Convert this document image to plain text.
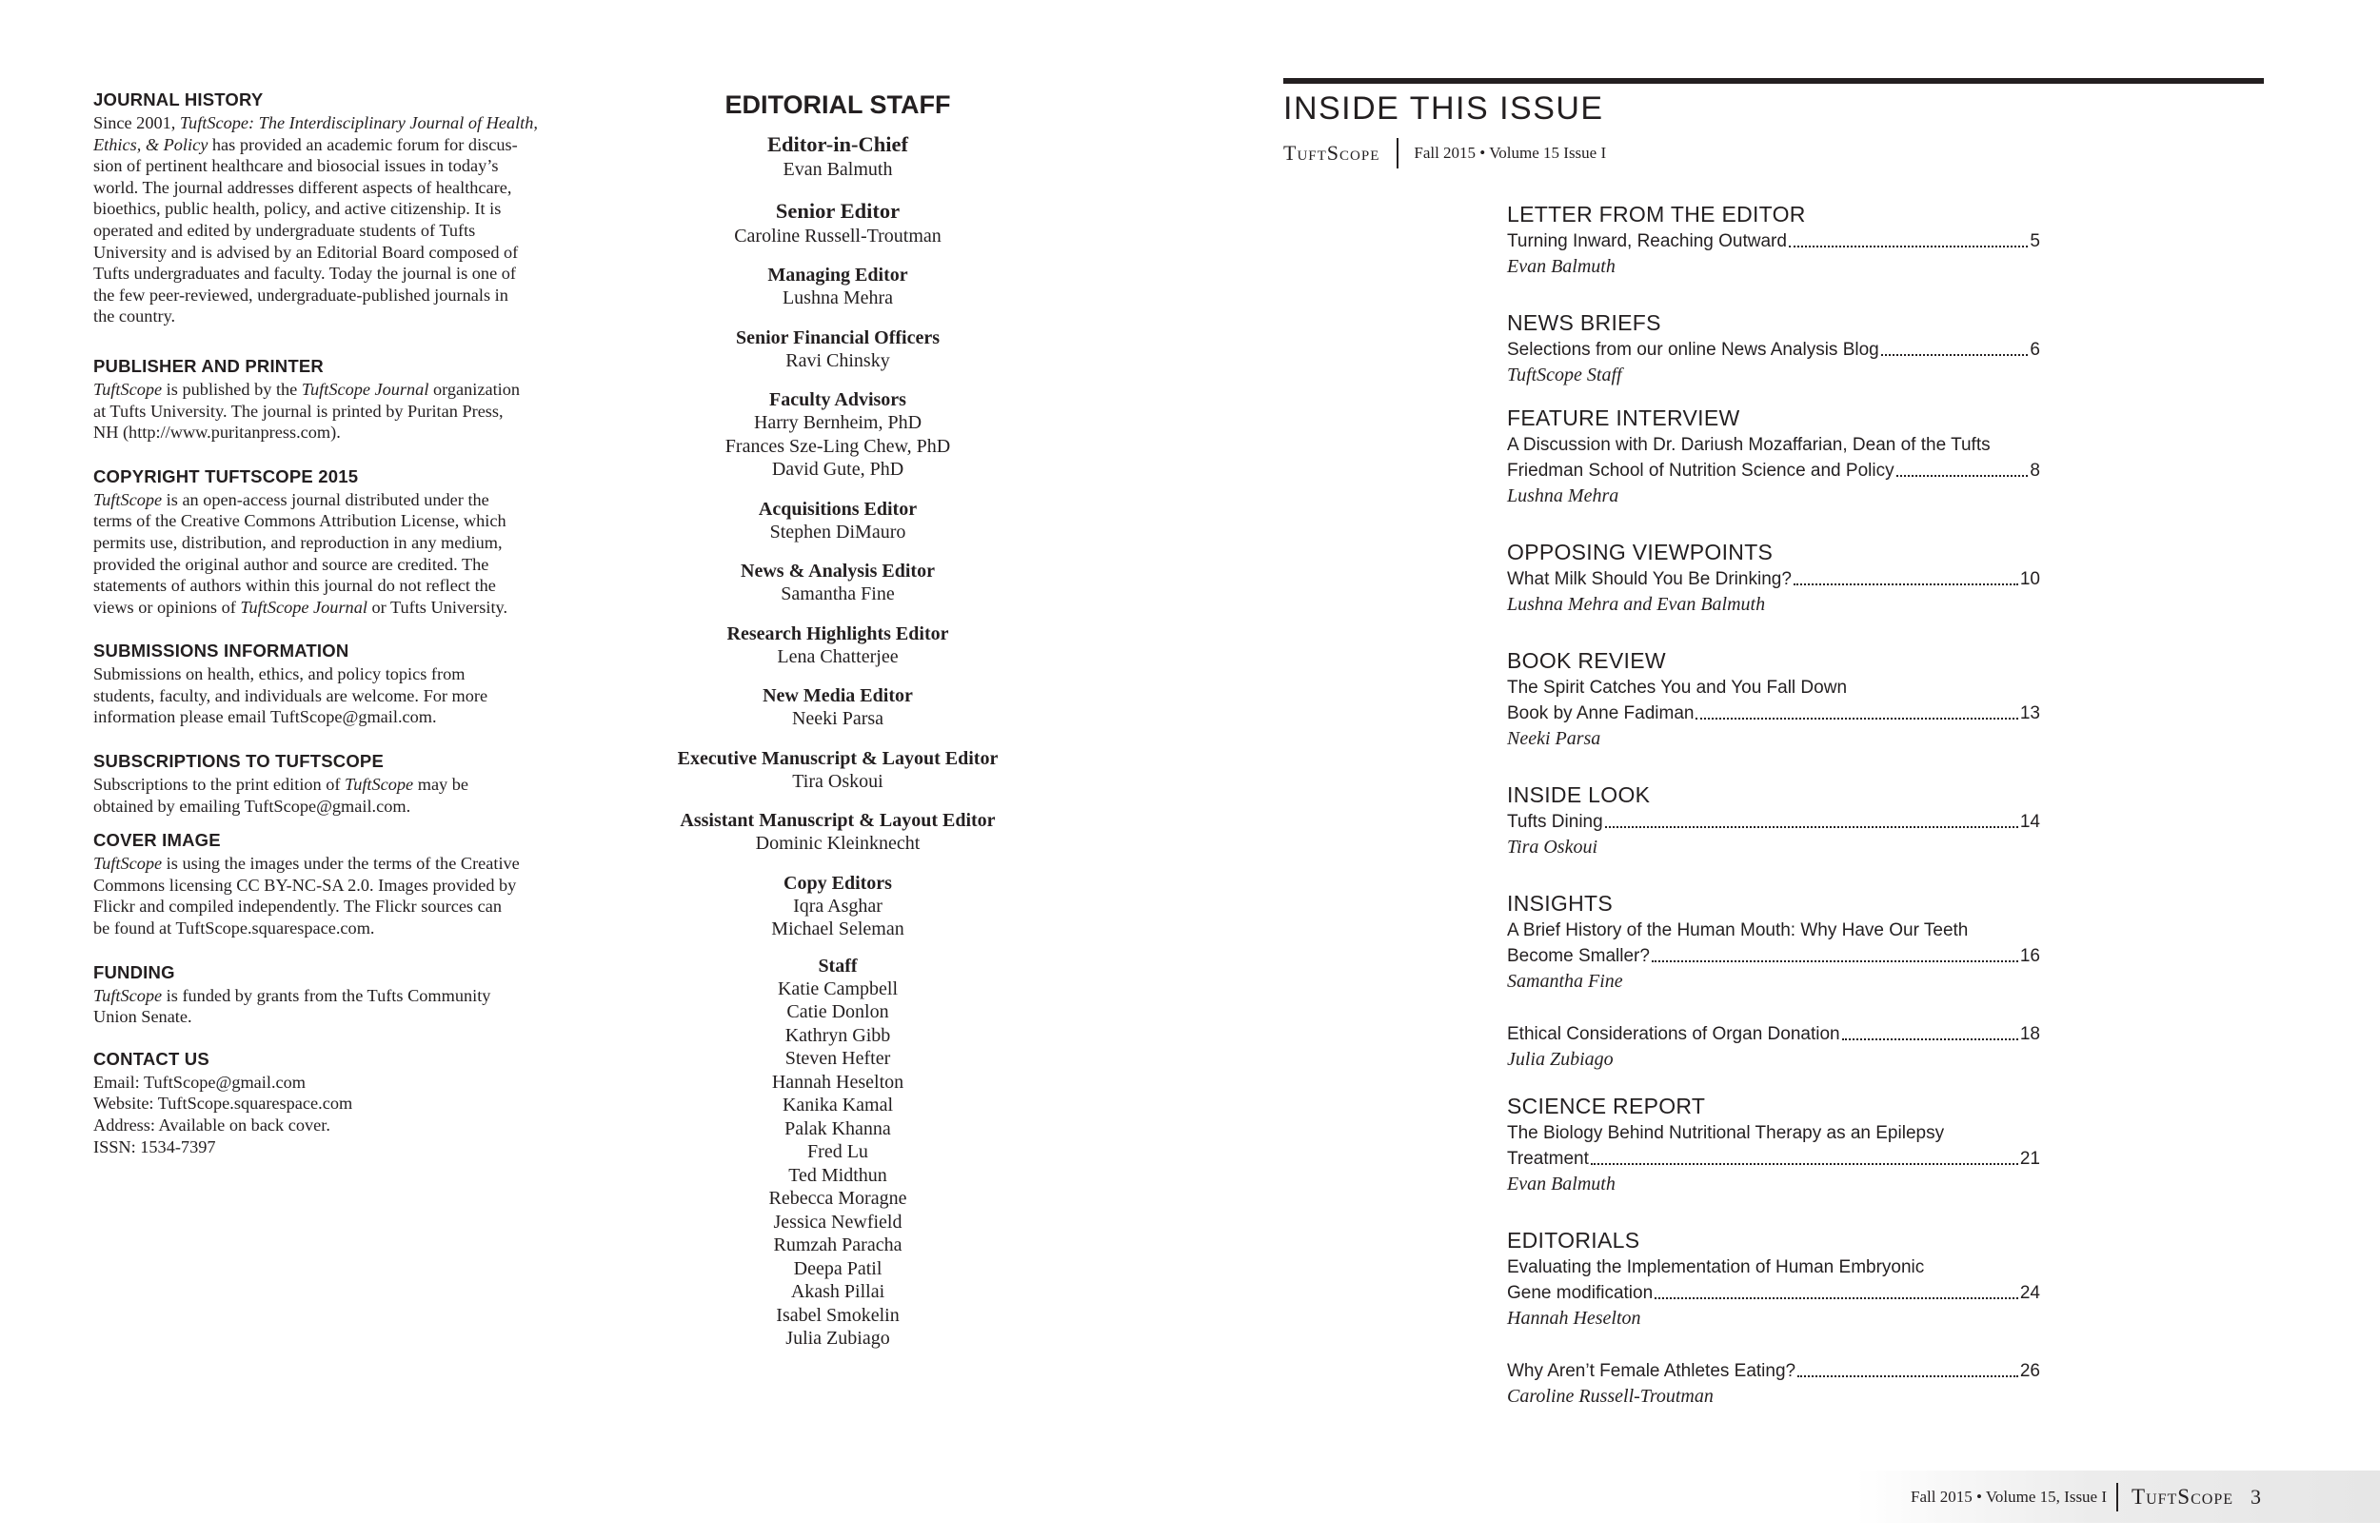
JOURNAL HISTORY
Since 2001, TuftScope: The Interdisciplinary Journal of Health,
Ethics, & Policy has provided an academic forum for discus-
sion of pertinent healthcare and biosocial issues in today’s
world. The journal addresses different aspects of healthcare,
bioethics, public health, policy, and active citizenship. It is
operated and edited by undergraduate students of Tufts
University and is advised by an Editorial Board composed of
Tufts undergraduates and faculty. Today the journal is one of
the few peer-reviewed, undergraduate-published journals in
the country.
PUBLISHER AND PRINTER
TuftScope is published by the TuftScope Journal organization
at Tufts University. The journal is printed by Puritan Press,
NH (http://www.puritanpress.com).
COPYRIGHT TUFTSCOPE 2015
TuftScope is an open-access journal distributed under the
terms of the Creative Commons Attribution License, which
permits use, distribution, and reproduction in any medium,
provided the original author and source are credited. The
statements of authors within this journal do not reflect the
views or opinions of TuftScope Journal or Tufts University.
SUBMISSIONS INFORMATION
Submissions on health, ethics, and policy topics from
students, faculty, and individuals are welcome. For more
information please email TuftScope@gmail.com.
SUBSCRIPTIONS TO TUFTSCOPE
Subscriptions to the print edition of TuftScope may be
obtained by emailing TuftScope@gmail.com.
COVER IMAGE
TuftScope is using the images under the terms of the Creative
Commons licensing CC BY-NC-SA 2.0. Images provided by
Flickr and compiled independently. The Flickr sources can
be found at TuftScope.squarespace.com.
FUNDING
TuftScope is funded by grants from the Tufts Community
Union Senate.
CONTACT US
Email: TuftScope@gmail.com
Website: TuftScope.squarespace.com
Address: Available on back cover.
ISSN: 1534-7397
EDITORIAL STAFF
Editor-in-Chief
Evan Balmuth
Senior Editor
Caroline Russell-Troutman
Managing Editor
Lushna Mehra
Senior Financial Officers
Ravi Chinsky
Faculty Advisors
Harry Bernheim, PhD
Frances Sze-Ling Chew, PhD
David Gute, PhD
Acquisitions Editor
Stephen DiMauro
News & Analysis Editor
Samantha Fine
Research Highlights Editor
Lena Chatterjee
New Media Editor
Neeki Parsa
Executive Manuscript & Layout Editor
Tira Oskoui
Assistant Manuscript & Layout Editor
Dominic Kleinknecht
Copy Editors
Iqra Asghar
Michael Seleman
Staff
Katie Campbell
Catie Donlon
Kathryn Gibb
Steven Hefter
Hannah Heselton
Kanika Kamal
Palak Khanna
Fred Lu
Ted Midthun
Rebecca Moragne
Jessica Newfield
Rumzah Paracha
Deepa Patil
Akash Pillai
Isabel Smokelin
Julia Zubiago
INSIDE THIS ISSUE
TuftScope Fall 2015 • Volume 15 Issue I
LETTER FROM THE EDITOR
Turning Inward, Reaching Outward	5
Evan Balmuth
NEWS BRIEFS
Selections from our online News Analysis Blog	6
TuftScope Staff
FEATURE INTERVIEW
A Discussion with Dr. Dariush Mozaffarian, Dean of the Tufts
Friedman School of Nutrition Science and Policy	8
Lushna Mehra
OPPOSING VIEWPOINTS
What Milk Should You Be Drinking?	10
Lushna Mehra and Evan Balmuth
BOOK REVIEW
The Spirit Catches You and You Fall Down
Book by Anne Fadiman	13
Neeki Parsa
INSIDE LOOK
Tufts Dining	14
Tira Oskoui
INSIGHTS
A Brief History of the Human Mouth: Why Have Our Teeth
Become Smaller?	16
Samantha Fine
Ethical Considerations of Organ Donation	18
Julia Zubiago
SCIENCE REPORT
The Biology Behind Nutritional Therapy as an Epilepsy
Treatment	21
Evan Balmuth
EDITORIALS
Evaluating the Implementation of Human Embryonic
Gene modification	24
Hannah Heselton
Why Aren’t Female Athletes Eating?	26
Caroline Russell-Troutman
Fall 2015 • Volume 15, Issue I TuftScope 3
